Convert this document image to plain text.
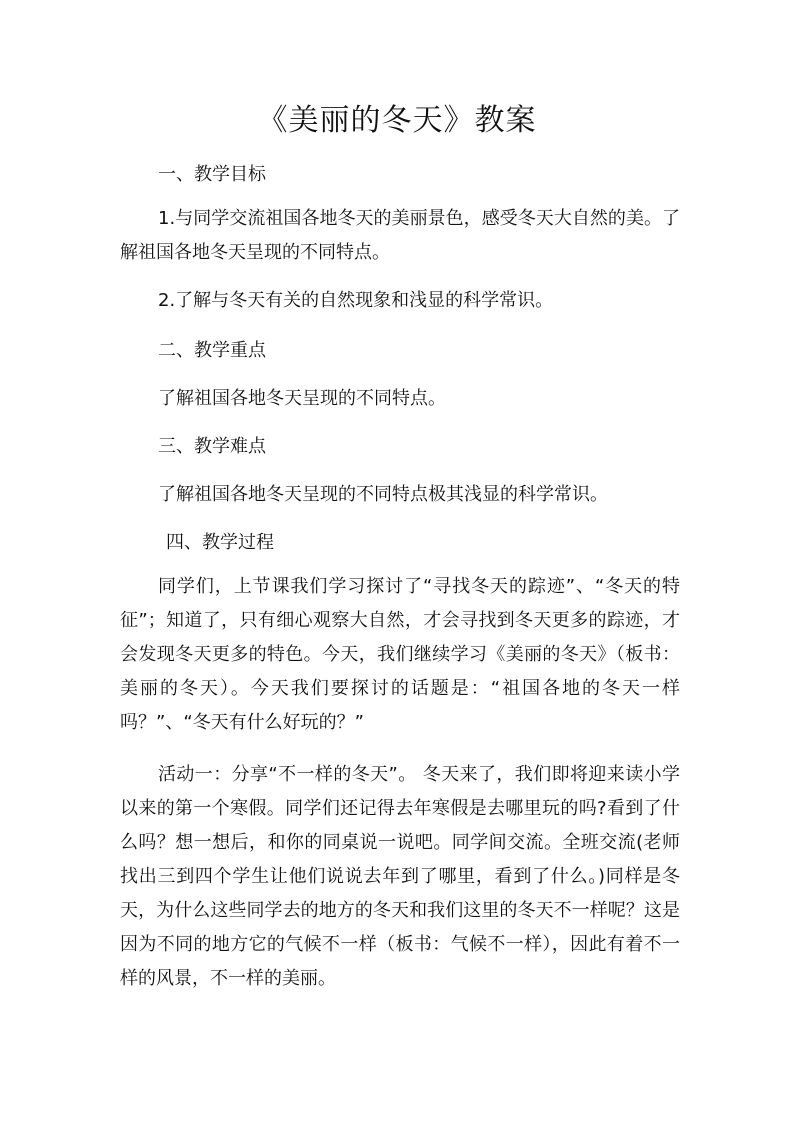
《美丽的冬天》教案
一、教学目标
1.与同学交流祖国各地冬天的美丽景色，感受冬天大自然的美。了解祖国各地冬天呈现的不同特点。
2.了解与冬天有关的自然现象和浅显的科学常识。
二、教学重点
了解祖国各地冬天呈现的不同特点。
三、教学难点
了解祖国各地冬天呈现的不同特点极其浅显的科学常识。
四、教学过程
同学们，上节课我们学习探讨了“寻找冬天的踪迹”、“冬天的特征”；知道了，只有细心观察大自然，才会寻找到冬天更多的踪迹，才会发现冬天更多的特色。今天，我们继续学习《美丽的冬天》（板书：美丽的冬天）。今天我们要探讨的话题是：“祖国各地的冬天一样吗？”、“冬天有什么好玩的？”
活动一：分享“不一样的冬天”。 冬天来了，我们即将迎来读小学以来的第一个寒假。同学们还记得去年寒假是去哪里玩的吗?看到了什么吗？想一想后，和你的同桌说一说吧。同学间交流。全班交流(老师找出三到四个学生让他们说说去年到了哪里，看到了什么。)同样是冬天，为什么这些同学去的地方的冬天和我们这里的冬天不一样呢？这是因为不同的地方它的气候不一样（板书：气候不一样），因此有着不一样的风景，不一样的美丽。
